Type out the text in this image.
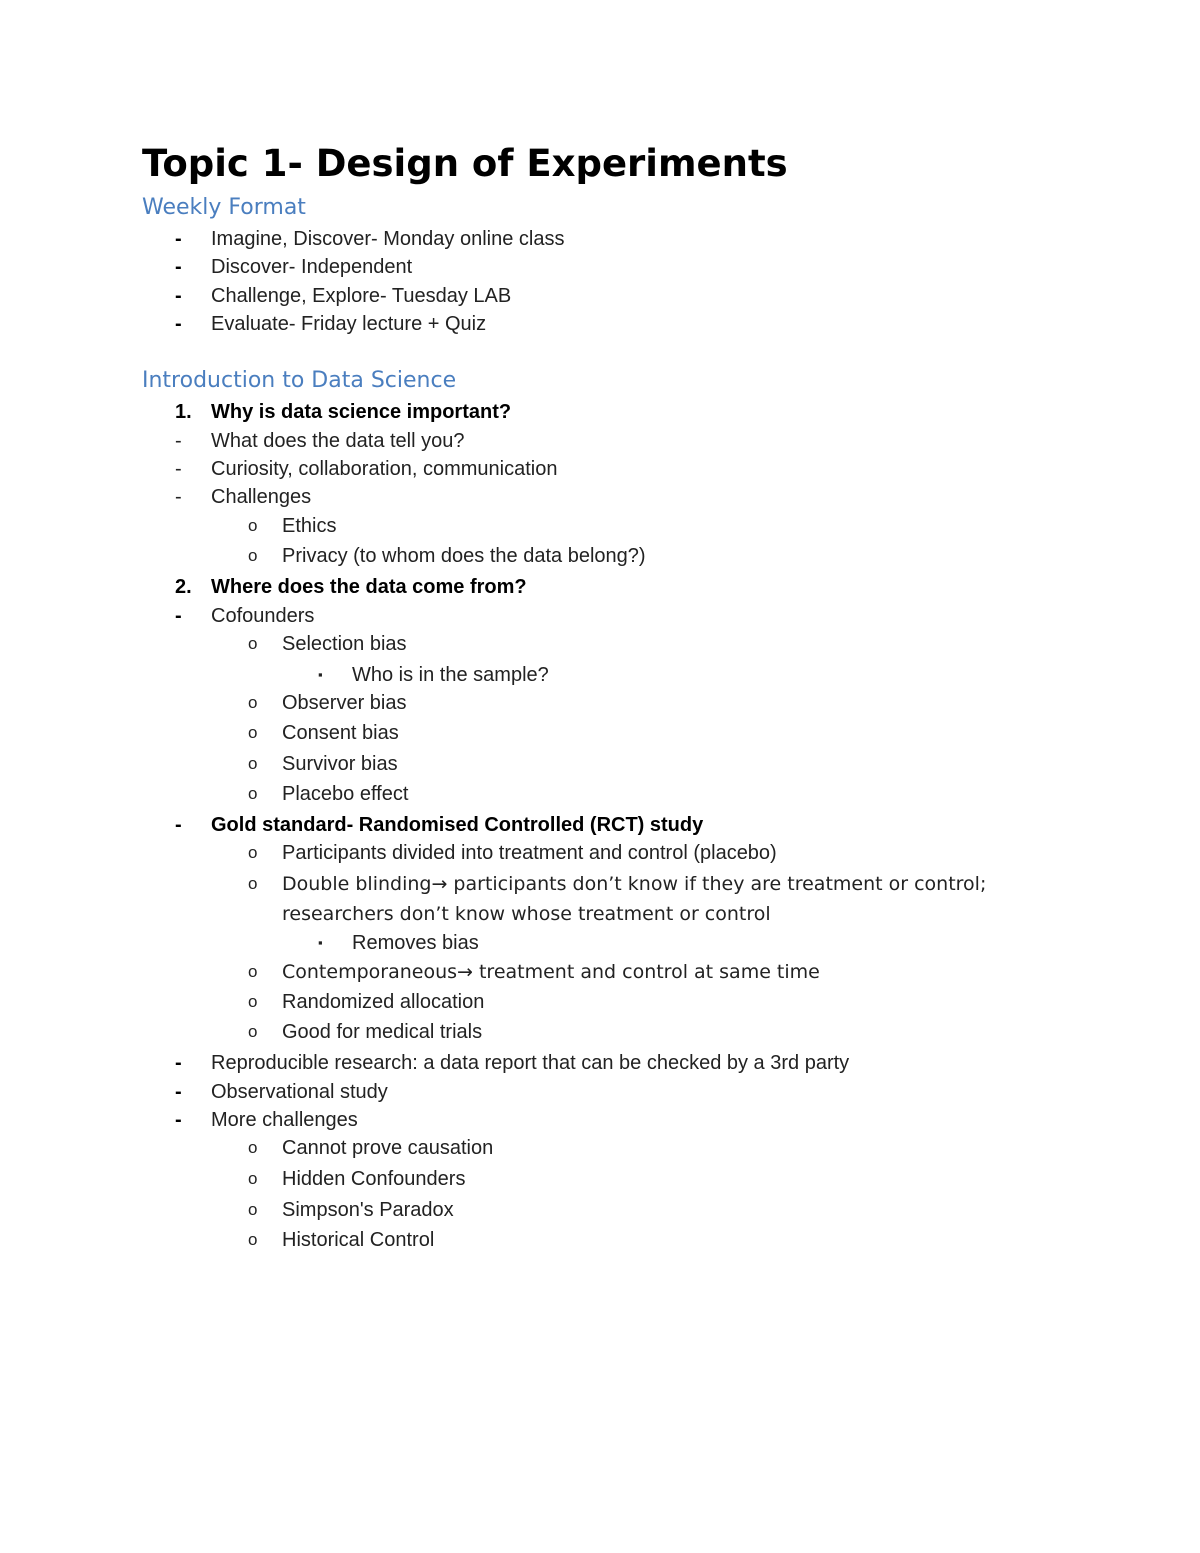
Topic 1- Design of Experiments
Weekly Format
- Imagine, Discover- Monday online class
- Discover- Independent
- Challenge, Explore- Tuesday LAB
- Evaluate- Friday lecture + Quiz
Introduction to Data Science
1. Why is data science important?
- What does the data tell you?
- Curiosity, collaboration, communication
- Challenges
o Ethics
o Privacy (to whom does the data belong?)
2. Where does the data come from?
- Cofounders
o Selection bias
▪ Who is in the sample?
o Observer bias
o Consent bias
o Survivor bias
o Placebo effect
- Gold standard- Randomised Controlled (RCT) study
o Participants divided into treatment and control (placebo)
o Double blinding→ participants don’t know if they are treatment or control; researchers don’t know whose treatment or control
▪ Removes bias
o Contemporaneous→ treatment and control at same time
o Randomized allocation
o Good for medical trials
- Reproducible research: a data report that can be checked by a 3rd party
- Observational study
- More challenges
o Cannot prove causation
o Hidden Confounders
o Simpson's Paradox
o Historical Control
